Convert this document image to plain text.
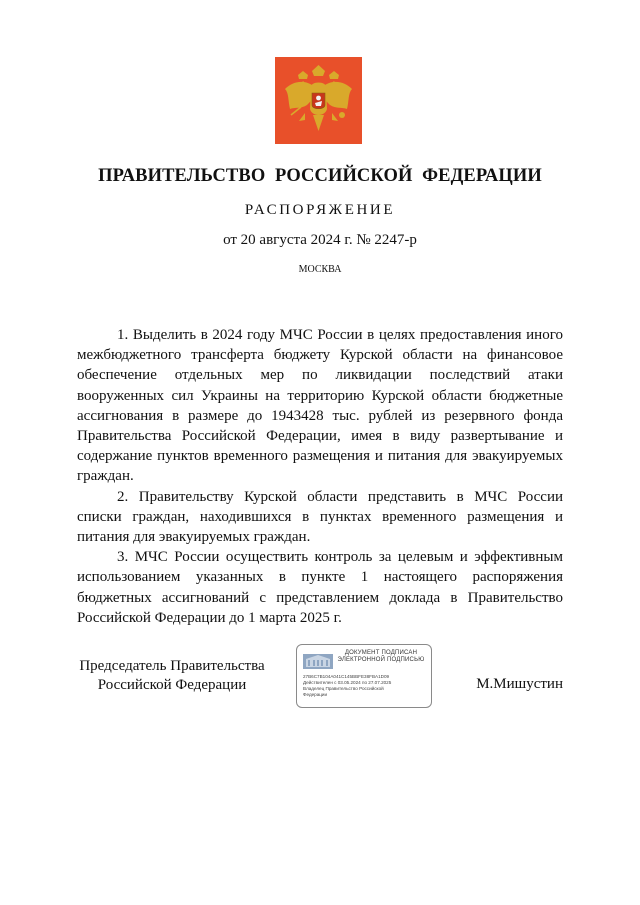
ПРАВИТЕЛЬСТВО РОССИЙСКОЙ ФЕДЕРАЦИИ
РАСПОРЯЖЕНИЕ
от 20 августа 2024 г. № 2247-р
МОСКВА

1. Выделить в 2024 году МЧС России в целях предоставления иного межбюджетного трансферта бюджету Курской области на финансовое обеспечение отдельных мер по ликвидации последствий атаки вооруженных сил Украины на территорию Курской области бюджетные ассигнования в размере до 1943428 тыс. рублей из резервного фонда Правительства Российской Федерации, имея в виду развертывание и содержание пунктов временного размещения и питания для эвакуируемых граждан.

2. Правительству Курской области представить в МЧС России списки граждан, находившихся в пунктах временного размещения и питания для эвакуируемых граждан.

3. МЧС России осуществить контроль за целевым и эффективным использованием указанных в пункте 1 настоящего распоряжения бюджетных ассигнований с представлением доклада в Правительство Российской Федерации до 1 марта 2025 г.

Председатель Правительства
Российской Федерации
ДОКУМЕНТ ПОДПИСАН
ЭЛЕКТРОННОЙ ПОДПИСЬЮ
27B6C7B104A041C145BBFE38FBA1D09
Действителен с 03.05.2024 по 27.07.2025
Владелец Правительство Российской
Федерации
М.Мишустин
